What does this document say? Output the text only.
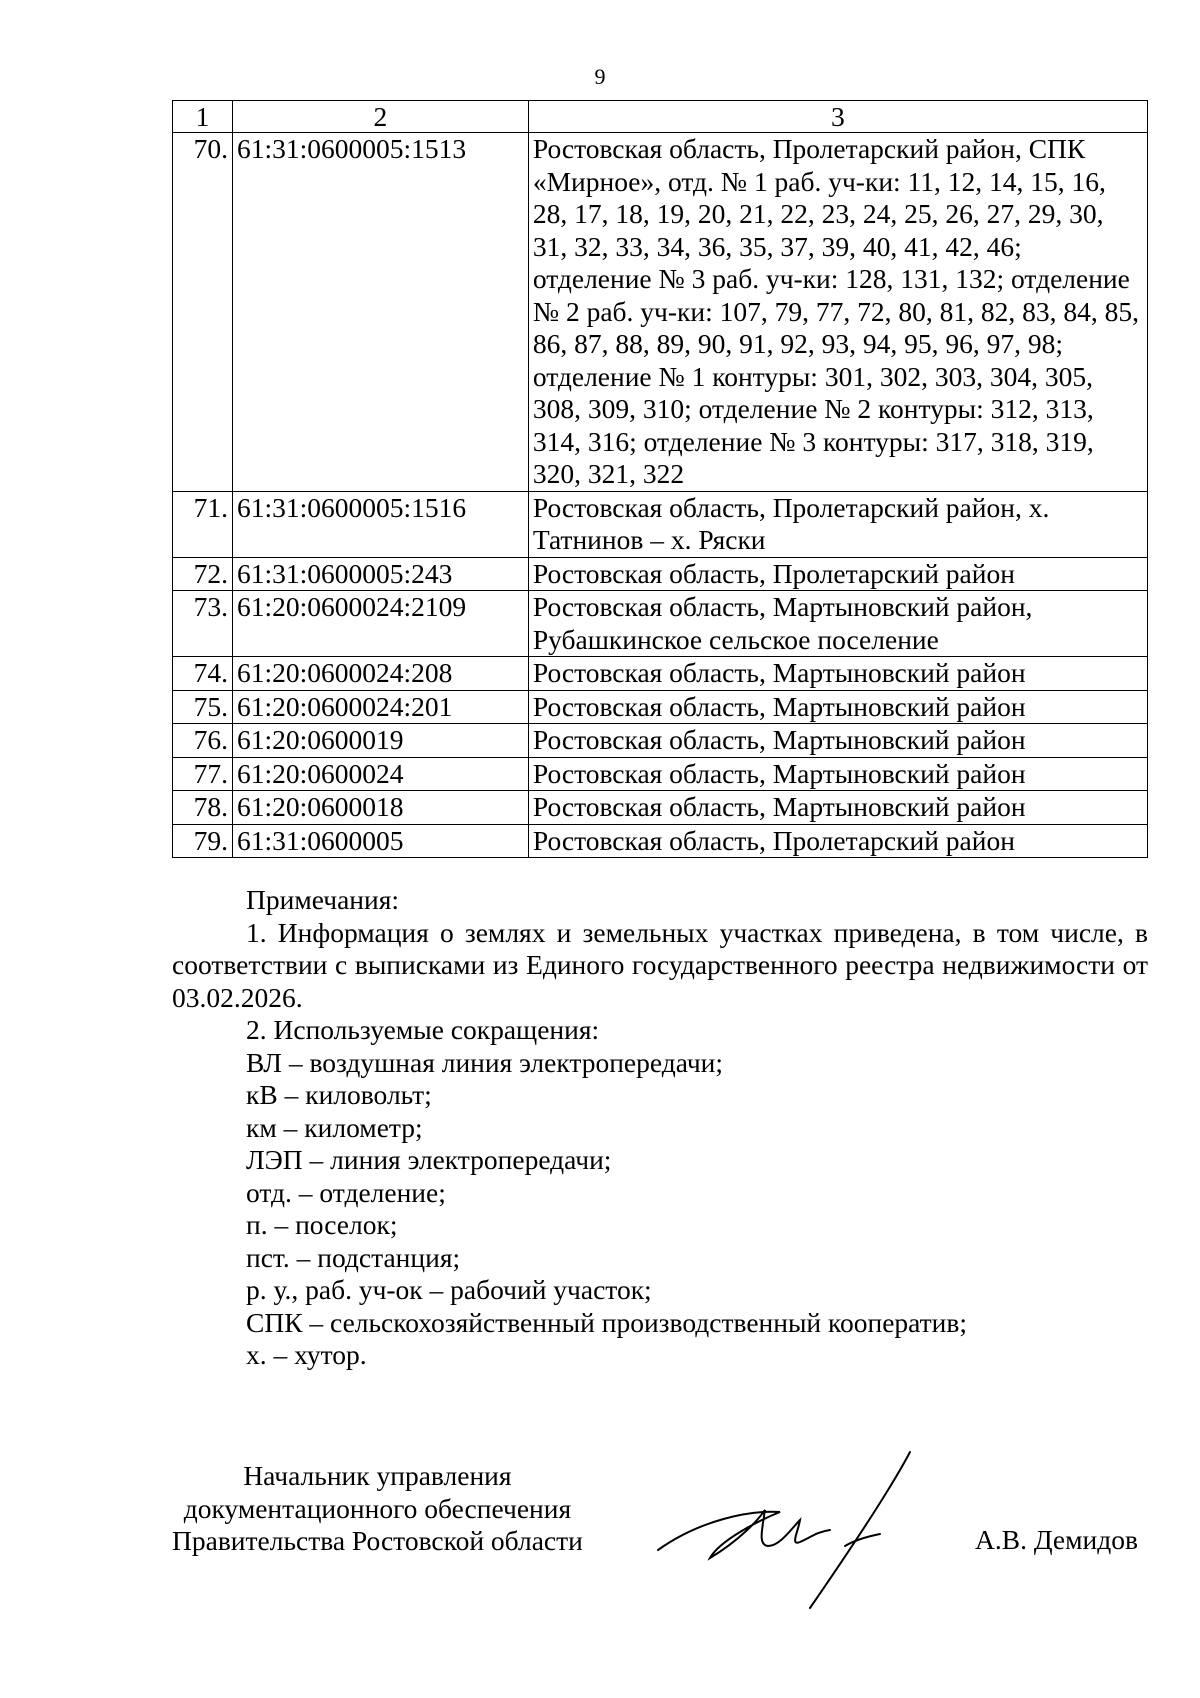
9
1	2	3
70.	61:31:0600005:1513	Ростовская область, Пролетарский район, СПК «Мирное», отд. № 1 раб. уч-ки: 11, 12, 14, 15, 16, 28, 17, 18, 19, 20, 21, 22, 23, 24, 25, 26, 27, 29, 30, 31, 32, 33, 34, 36, 35, 37, 39, 40, 41, 42, 46; отделение № 3 раб. уч-ки: 128, 131, 132; отделение № 2 раб. уч-ки: 107, 79, 77, 72, 80, 81, 82, 83, 84, 85, 86, 87, 88, 89, 90, 91, 92, 93, 94, 95, 96, 97, 98; отделение № 1 контуры: 301, 302, 303, 304, 305, 308, 309, 310; отделение № 2 контуры: 312, 313, 314, 316; отделение № 3 контуры: 317, 318, 319, 320, 321, 322
71.	61:31:0600005:1516	Ростовская область, Пролетарский район, х. Татнинов – х. Ряски
72.	61:31:0600005:243	Ростовская область, Пролетарский район
73.	61:20:0600024:2109	Ростовская область, Мартыновский район, Рубашкинское сельское поселение
74.	61:20:0600024:208	Ростовская область, Мартыновский район
75.	61:20:0600024:201	Ростовская область, Мартыновский район
76.	61:20:0600019	Ростовская область, Мартыновский район
77.	61:20:0600024	Ростовская область, Мартыновский район
78.	61:20:0600018	Ростовская область, Мартыновский район
79.	61:31:0600005	Ростовская область, Пролетарский район

Примечания:

1. Информация о землях и земельных участках приведена, в том числе, в соответствии с выписками из Единого государственного реестра недвижимости от 03.02.2026.

2. Используемые сокращения:

ВЛ – воздушная линия электропередачи;

кВ – киловольт;

км – километр;

ЛЭП – линия электропередачи;

отд. – отделение;

п. – поселок;

пст. – подстанция;

р. у., раб. уч-ок – рабочий участок;

СПК – сельскохозяйственный производственный кооператив;

х. – хутор.

Начальник управления
документационного обеспечения
Правительства Ростовской области	А.В. Демидов
